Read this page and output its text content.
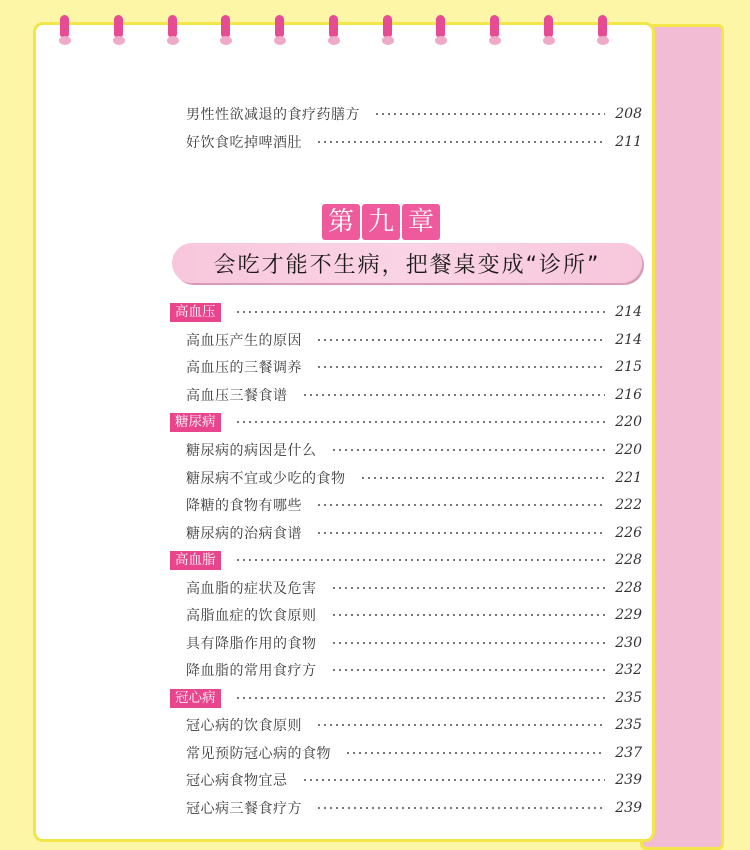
男性性欲减退的食疗药膳方	208
好饮食吃掉啤酒肚	211
第 九 章
会吃才能不生病，把餐桌变成“诊所”
高血压	214
高血压产生的原因	214
高血压的三餐调养	215
高血压三餐食谱	216
糖尿病	220
糖尿病的病因是什么	220
糖尿病不宜或少吃的食物	221
降糖的食物有哪些	222
糖尿病的治病食谱	226
高血脂	228
高血脂的症状及危害	228
高脂血症的饮食原则	229
具有降脂作用的食物	230
降血脂的常用食疗方	232
冠心病	235
冠心病的饮食原则	235
常见预防冠心病的食物	237
冠心病食物宜忌	239
冠心病三餐食疗方	239
